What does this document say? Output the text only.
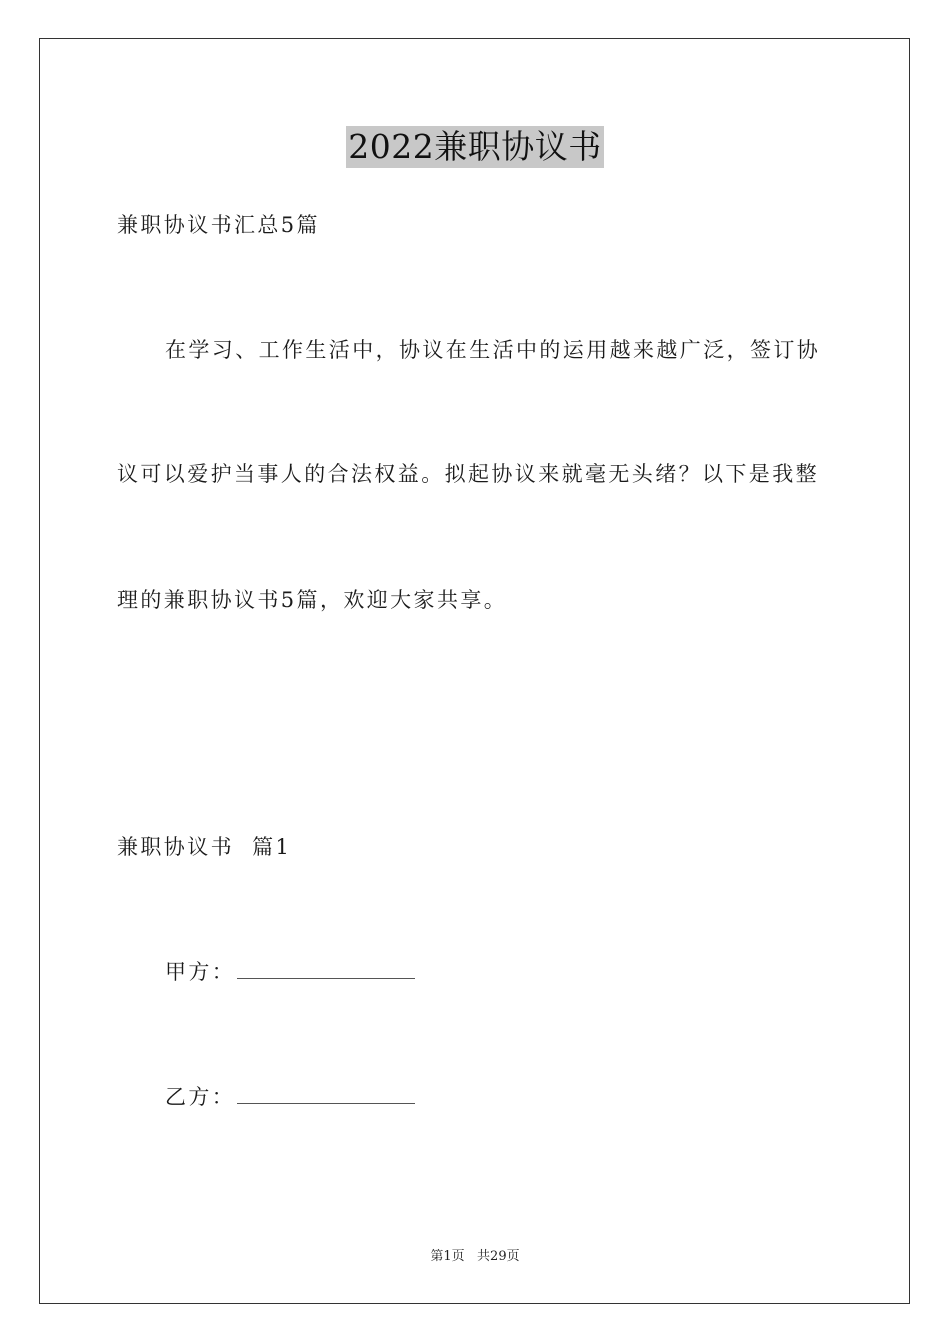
2022兼职协议书
兼职协议书汇总5篇
在学习、工作生活中，协议在生活中的运用越来越广泛，签订协
议可以爱护当事人的合法权益。拟起协议来就毫无头绪？以下是我整
理的兼职协议书5篇，欢迎大家共享。
兼职协议书  篇1
甲方：
乙方：
第1页   共29页
